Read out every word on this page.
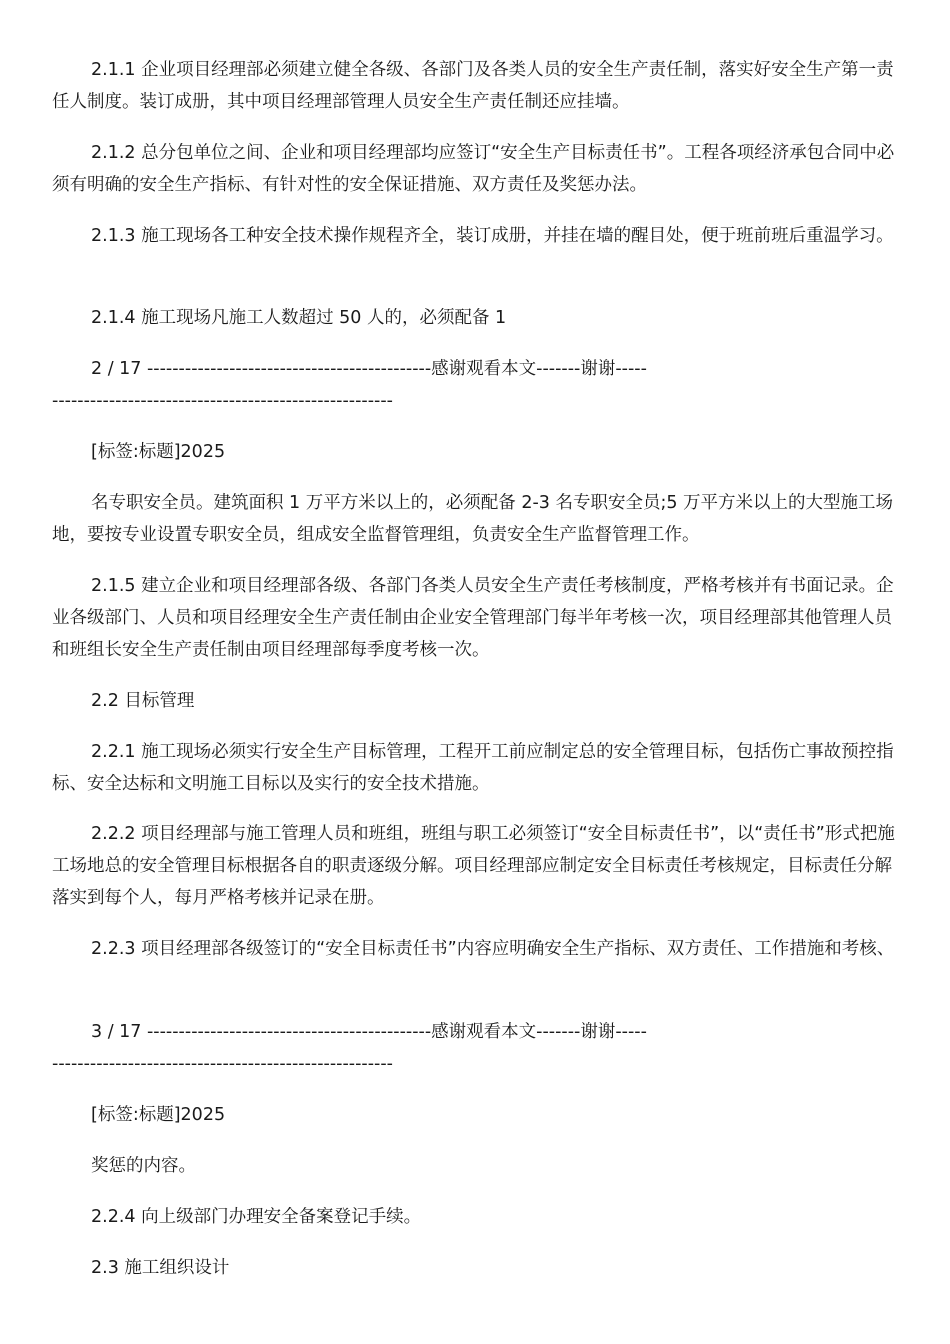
2.1.1 企业项目经理部必须建立健全各级、各部门及各类人员的安全生产责任制，落实好安全生产第一责任人制度。装订成册，其中项目经理部管理人员安全生产责任制还应挂墙。

2.1.2 总分包单位之间、企业和项目经理部均应签订“安全生产目标责任书”。工程各项经济承包合同中必须有明确的安全生产指标、有针对性的安全保证措施、双方责任及奖惩办法。

2.1.3 施工现场各工种安全技术操作规程齐全，装订成册，并挂在墙的醒目处，便于班前班后重温学习。

2.1.4 施工现场凡施工人数超过 50 人的，必须配备 1

2 / 17 ---------------------------------------------感谢观看本文-------谢谢-----------------------------------------------------------

[标签:标题]2025

名专职安全员。建筑面积 1 万平方米以上的，必须配备 2-3 名专职安全员;5 万平方米以上的大型施工场地，要按专业设置专职安全员，组成安全监督管理组，负责安全生产监督管理工作。

2.1.5 建立企业和项目经理部各级、各部门各类人员安全生产责任考核制度，严格考核并有书面记录。企业各级部门、人员和项目经理安全生产责任制由企业安全管理部门每半年考核一次，项目经理部其他管理人员和班组长安全生产责任制由项目经理部每季度考核一次。

2.2 目标管理

2.2.1 施工现场必须实行安全生产目标管理，工程开工前应制定总的安全管理目标，包括伤亡事故预控指标、安全达标和文明施工目标以及实行的安全技术措施。

2.2.2 项目经理部与施工管理人员和班组，班组与职工必须签订“安全目标责任书”，以“责任书”形式把施工场地总的安全管理目标根据各自的职责逐级分解。项目经理部应制定安全目标责任考核规定，目标责任分解落实到每个人，每月严格考核并记录在册。

2.2.3 项目经理部各级签订的“安全目标责任书”内容应明确安全生产指标、双方责任、工作措施和考核、

3 / 17 ---------------------------------------------感谢观看本文-------谢谢-----------------------------------------------------------

[标签:标题]2025

奖惩的内容。

2.2.4 向上级部门办理安全备案登记手续。

2.3 施工组织设计
